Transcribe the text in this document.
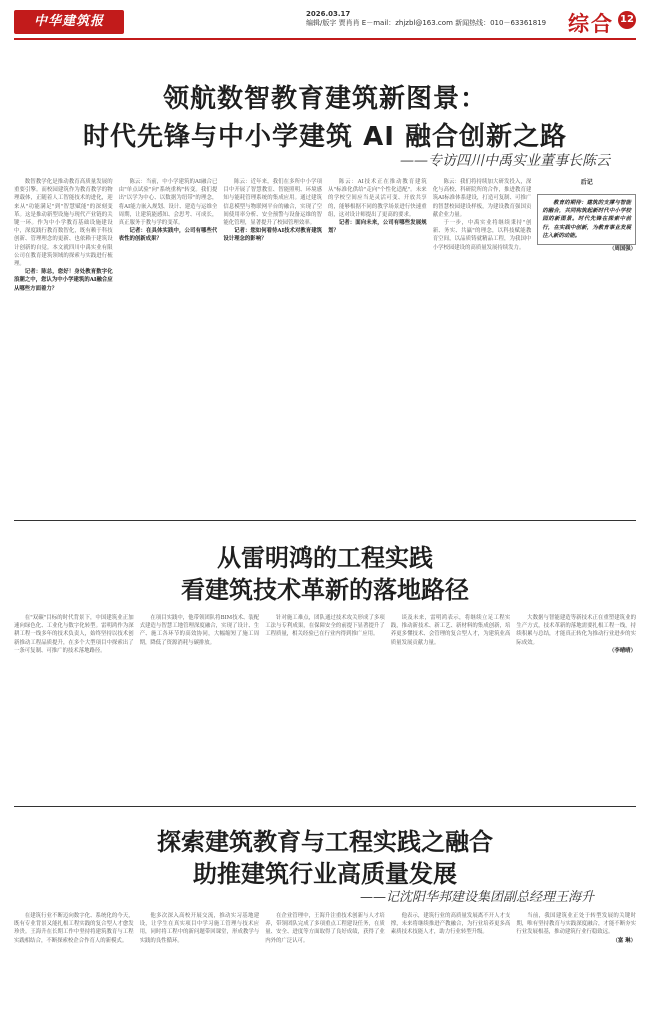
中华建筑报	2026.03.17
编辑/版字 贾肖肖 E－mail：zhjzbl@163.com 新闻热线：010－63361819 综合 12
领航数智教育建筑新图景：
时代先锋与中小学建筑 AI 融合创新之路
——专访四川中禹实业董事长陈云

数智教学化是推动教育高质量发展的重要引擎。而校园建筑作为教育教学的物理载体，正随着人工智能技术的进化，迎来从"功能满足"到"智慧赋能"的深刻变革。这是推动新型设施与现代产业链的关键一环。作为中小学教育基础设施建设中，深度践行教育数智化，既有赖于科技创新、管理理念的更新、也依赖于建筑设计创新的自觉。本文就四川中禹实业有限公司在教育建筑领域的探索与实践进行梳理。

记者：陈总，您好！身处教育数字化浪潮之中，您认为中小学建筑的AI融合应从哪些方面着力？

陈云：当前，中小学建筑的AI融合已由"单点试验"向"系统重构"转变。我们提出"以学为中心、以数据为纽带"的理念，将AI能力嵌入规划、设计、建造与运维全周期，让建筑能感知、会思考、可成长，真正服务于教与学的变革。

记者：在具体实践中，公司有哪些代表性的创新成果？

陈云：近年来，我们在多所中小学项目中开展了智慧教室、智能照明、环境感知与能耗管理系统的集成应用。通过建筑信息模型与物联网平台的融合，实现了空间使用率分析、安全预警与设备运维的智能化管理，显著提升了校园管理效率。

记者：您如何看待AI技术对教育建筑设计理念的影响？

陈云：AI技术正在推动教育建筑从"标准化供给"走向"个性化适配"。未来的学校空间应当是灵活可变、开放共享的，能够根据不同的教学场景进行快速重组，这对设计师提出了更高的要求。

记者：面向未来，公司有哪些发展规划？

陈云：我们将持续加大研发投入，深化与高校、科研院所的合作，推进教育建筑AI标准体系建设，打造可复制、可推广的智慧校园建设样板，为建设教育强国贡献企业力量。

于一步，中禹实业将继续秉持"创新、务实、共赢"的理念，以科技赋能教育空间，以品质铸就精品工程，为我国中小学校园建设的高质量发展持续发力。

后记

教育的期待：建筑的支撑与智能的融合，共同构筑起新时代中小学校园的新图景。时代先锋在探索中前行，在实践中创新，为教育事业发展注入新的动能。

（周国强）

从雷明鸿的工程实践
看建筑技术革新的落地路径

在"双碳"目标的时代背景下，中国建筑业正加速向绿色化、工业化与数字化转型。雷明鸿作为深耕工程一线多年的技术负责人，始终坚持以技术创新推动工程品质提升，在多个大型项目中探索出了一条可复制、可推广的技术落地路径。

在项目实践中，他带领团队将BIM技术、装配式建造与智慧工地管理深度融合，实现了设计、生产、施工各环节的高效协同，大幅缩短了施工周期，降低了资源消耗与碳排放。

针对施工难点，团队通过技术攻关形成了多项工法与专利成果，在保障安全的前提下显著提升了工程质量，相关经验已在行业内得到推广应用。

谈及未来，雷明鸿表示，将继续立足工程实践，推动新技术、新工艺、新材料的集成创新，培养更多懂技术、会管理的复合型人才，为建筑业高质量发展贡献力量。

大数据与智能建造等新技术正在重塑建筑业的生产方式，技术革新的落地需要扎根工程一线，持续积累与总结，才能真正转化为推动行业进步的实际成效。

（李晴晴）

探索建筑教育与工程实践之融合
助推建筑行业高质量发展
——记沈阳华邦建设集团副总经理王海升

在建筑行业不断迈向数字化、系统化的今天，既有专业背景又能扎根工程实践的复合型人才愈发珍贵。王海升在长期工作中坚持将建筑教育与工程实践相结合，不断探索校企合作育人的新模式。

他多次深入高校开展交流，推动实习基地建设，让学生在真实项目中学习施工管理与技术应用，同时将工程中的新问题带回课堂，形成教学与实践的良性循环。

在企业管理中，王海升注重技术创新与人才培养，带领团队完成了多项重点工程建设任务，在质量、安全、进度等方面取得了良好成绩，获得了业内外的广泛认可。

他表示，建筑行业的高质量发展离不开人才支撑，未来将继续推进产教融合，为行业培养更多高素质技术技能人才，助力行业转型升级。

当前，我国建筑业正处于转型发展的关键时期，唯有坚持教育与实践深度融合，才能不断夯实行业发展根基，推动建筑行业行稳致远。

（富 琳）
